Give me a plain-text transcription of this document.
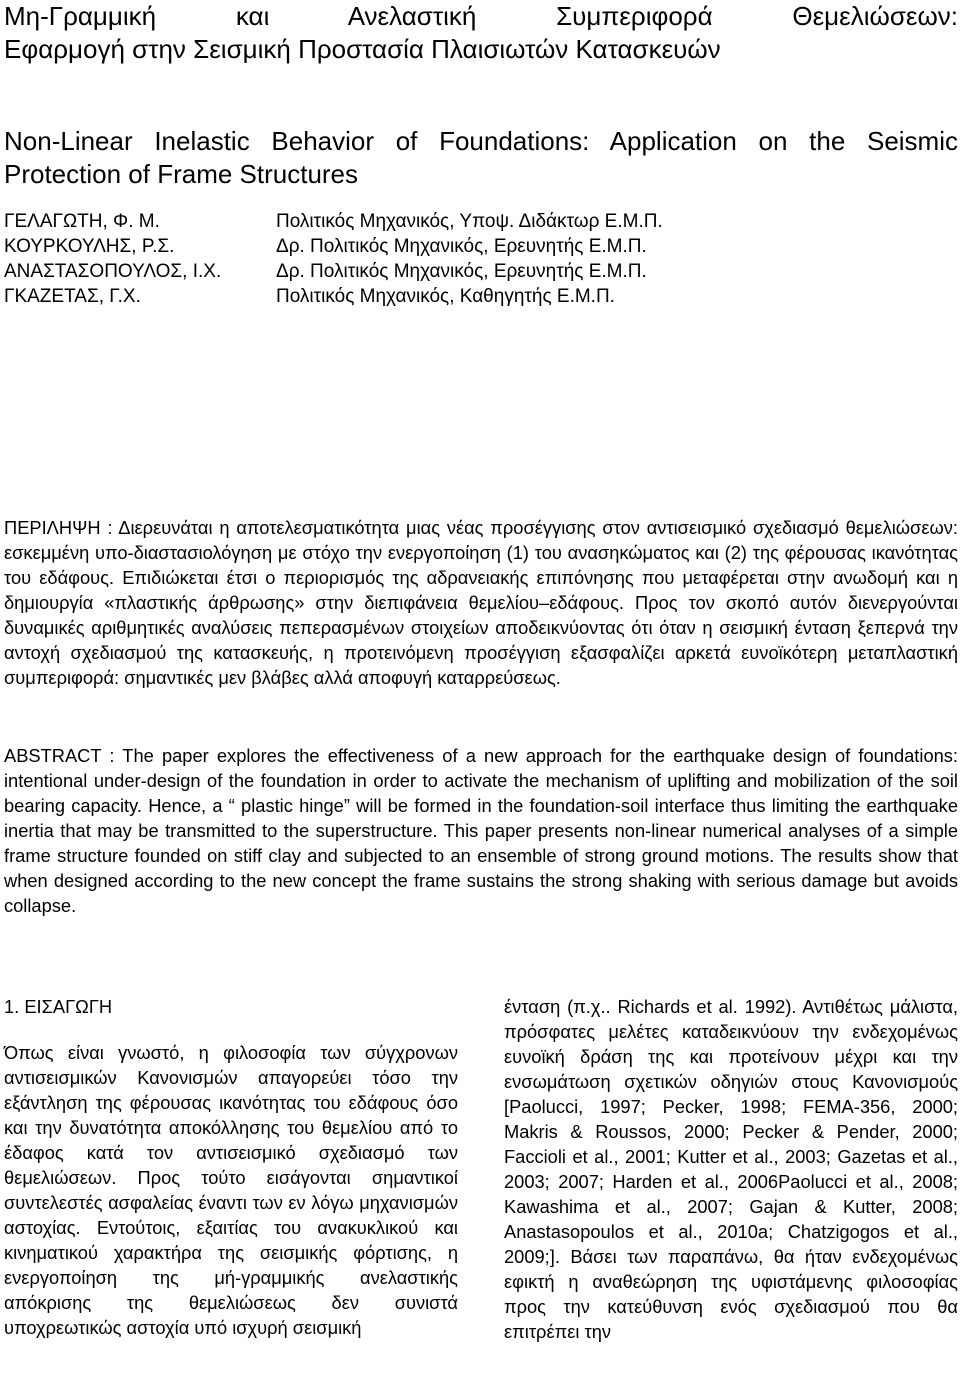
Μη-Γραμμική και Ανελαστική Συμπεριφορά Θεμελιώσεων:

Εφαρμογή στην Σεισμική Προστασία Πλαισιωτών Κατασκευών

Non-Linear Inelastic Behavior of Foundations: Application on the Seismic
Protection of Frame Structures
ΓΕΛΑΓΩΤΗ, Φ. Μ.
ΚΟΥΡΚΟΥΛΗΣ, Ρ.Σ.
ΑΝΑΣΤΑΣΟΠΟΥΛΟΣ, Ι.Χ.
ΓΚΑΖΕΤΑΣ, Γ.Χ.
Πολιτικός Μηχανικός, Υποψ. Διδάκτωρ Ε.Μ.Π.
Δρ. Πολιτικός Μηχανικός, Ερευνητής Ε.Μ.Π.
Δρ. Πολιτικός Μηχανικός, Ερευνητής Ε.Μ.Π.
Πολιτικός Μηχανικός, Καθηγητής Ε.Μ.Π.

ΠΕΡΙΛΗΨΗ : Διερευνάται η αποτελεσματικότητα μιας νέας προσέγγισης στον αντισεισμικό σχεδιασμό θεμελιώσεων: εσκεμμένη υπο-διαστασιολόγηση με στόχο την ενεργοποίηση (1) του ανασηκώματος και (2) της φέρουσας ικανότητας του εδάφους. Επιδιώκεται έτσι ο περιορισμός της αδρανειακής επιπόνησης που μεταφέρεται στην ανωδομή και η δημιουργία «πλαστικής άρθρωσης» στην διεπιφάνεια θεμελίου–εδάφους. Προς τον σκοπό αυτόν διενεργούνται δυναμικές αριθμητικές αναλύσεις πεπερασμένων στοιχείων αποδεικνύοντας ότι όταν η σεισμική ένταση ξεπερνά την αντοχή σχεδιασμού της κατασκευής, η προτεινόμενη προσέγγιση εξασφαλίζει αρκετά ευνοϊκότερη μεταπλαστική συμπεριφορά: σημαντικές μεν βλάβες αλλά αποφυγή καταρρεύσεως.

ABSTRACT : The paper explores the effectiveness of a new approach for the earthquake design of foundations: intentional under-design of the foundation in order to activate the mechanism of uplifting and mobilization of the soil bearing capacity. Hence, a “ plastic hinge” will be formed in the foundation-soil interface thus limiting the earthquake inertia that may be transmitted to the superstructure. This paper presents non-linear numerical analyses of a simple frame structure founded on stiff clay and subjected to an ensemble of strong ground motions. The results show that when designed according to the new concept the frame sustains the strong shaking with serious damage but avoids collapse.

1. ΕΙΣΑΓΩΓΗ
Όπως είναι γνωστό, η φιλοσοφία των σύγχρονων αντισεισμικών Κανονισμών απαγορεύει τόσο την εξάντληση της φέρουσας ικανότητας του εδάφους όσο και την δυνατότητα αποκόλλησης του θεμελίου από το έδαφος κατά τον αντισεισμικό σχεδιασμό των θεμελιώσεων. Προς τούτο εισάγονται σημαντικοί συντελεστές ασφαλείας έναντι των εν λόγω μηχανισμών αστοχίας. Εντούτοις, εξαιτίας του ανακυκλικού και κινηματικού χαρακτήρα της σεισμικής φόρτισης, η ενεργοποίηση της μή-γραμμικής ανελαστικής απόκρισης της θεμελιώσεως δεν συνιστά υποχρεωτικώς αστοχία υπό ισχυρή σεισμική
ένταση (π.χ.. Richards et al. 1992). Αντιθέτως μάλιστα, πρόσφατες μελέτες καταδεικνύουν την ενδεχομένως ευνοϊκή δράση της και προτείνουν μέχρι και την ενσωμάτωση σχετικών οδηγιών στους Κανονισμούς [Paolucci, 1997; Pecker, 1998; FEMA-356, 2000; Makris & Roussos, 2000; Pecker & Pender, 2000; Faccioli et al., 2001; Kutter et al., 2003; Gazetas et al., 2003; 2007; Harden et al., 2006Paolucci et al., 2008; Kawashima et al., 2007; Gajan & Kutter, 2008; Anastasopoulos et al., 2010a; Chatzigogos et al., 2009;]. Βάσει των παραπάνω, θα ήταν ενδεχομένως εφικτή η αναθεώρηση της υφιστάμενης φιλοσοφίας προς την κατεύθυνση ενός σχεδιασμού που θα επιτρέπει την
